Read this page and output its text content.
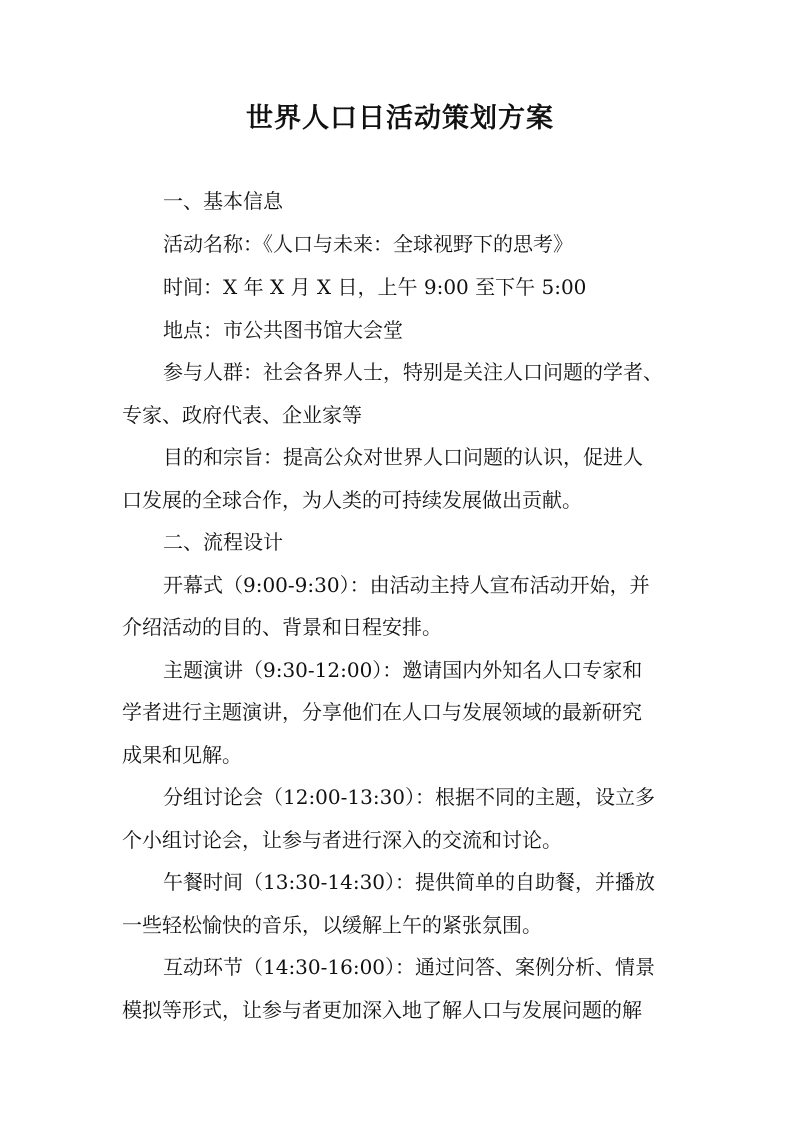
世界人口日活动策划方案
一、基本信息
活动名称：《人口与未来：全球视野下的思考》
时间：X 年 X 月 X 日，上午 9:00 至下午 5:00
地点：市公共图书馆大会堂
参与人群：社会各界人士，特别是关注人口问题的学者、
专家、政府代表、企业家等
目的和宗旨：提高公众对世界人口问题的认识，促进人
口发展的全球合作，为人类的可持续发展做出贡献。
二、流程设计
开幕式（9:00-9:30）：由活动主持人宣布活动开始，并
介绍活动的目的、背景和日程安排。
主题演讲（9:30-12:00）：邀请国内外知名人口专家和
学者进行主题演讲，分享他们在人口与发展领域的最新研究
成果和见解。
分组讨论会（12:00-13:30）：根据不同的主题，设立多
个小组讨论会，让参与者进行深入的交流和讨论。
午餐时间（13:30-14:30）：提供简单的自助餐，并播放
一些轻松愉快的音乐，以缓解上午的紧张氛围。
互动环节（14:30-16:00）：通过问答、案例分析、情景
模拟等形式，让参与者更加深入地了解人口与发展问题的解
